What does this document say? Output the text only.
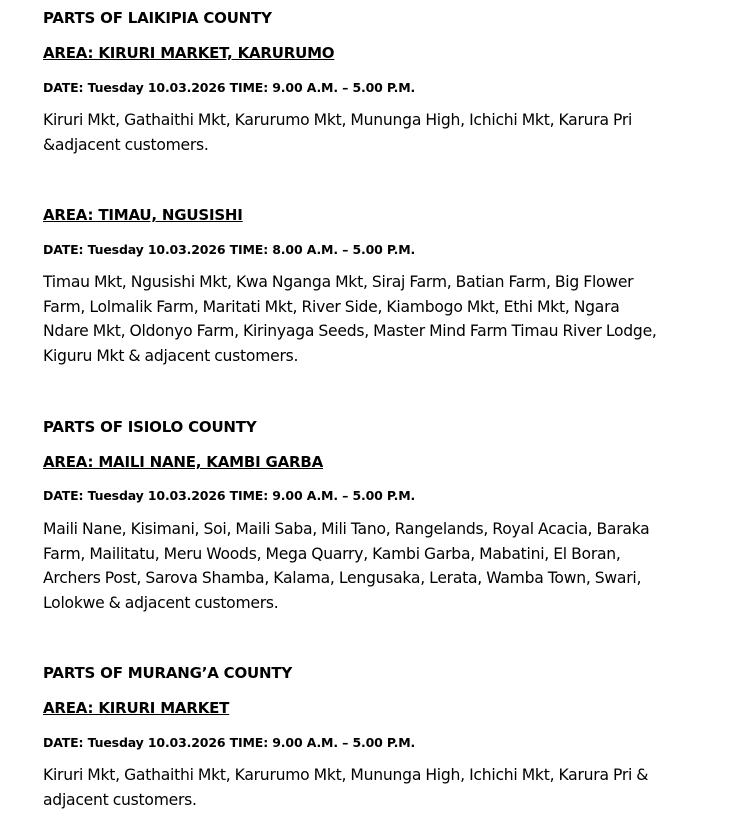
PARTS OF LAIKIPIA COUNTY

AREA: KIRURI MARKET, KARURUMO

DATE: Tuesday 10.03.2026 TIME: 9.00 A.M. – 5.00 P.M.

Kiruri Mkt, Gathaithi Mkt, Karurumo Mkt, Mununga High, Ichichi Mkt, Karura Pri

&adjacent customers.

AREA: TIMAU, NGUSISHI

DATE: Tuesday 10.03.2026 TIME: 8.00 A.M. – 5.00 P.M.

Timau Mkt, Ngusishi Mkt, Kwa Nganga Mkt, Siraj Farm, Batian Farm, Big Flower

Farm, Lolmalik Farm, Maritati Mkt, River Side, Kiambogo Mkt, Ethi Mkt, Ngara

Ndare Mkt, Oldonyo Farm, Kirinyaga Seeds, Master Mind Farm Timau River Lodge,

Kiguru Mkt & adjacent customers.

PARTS OF ISIOLO COUNTY

AREA: MAILI NANE, KAMBI GARBA

DATE: Tuesday 10.03.2026 TIME: 9.00 A.M. – 5.00 P.M.

Maili Nane, Kisimani, Soi, Maili Saba, Mili Tano, Rangelands, Royal Acacia, Baraka

Farm, Mailitatu, Meru Woods, Mega Quarry, Kambi Garba, Mabatini, El Boran,

Archers Post, Sarova Shamba, Kalama, Lengusaka, Lerata, Wamba Town, Swari,

Lolokwe & adjacent customers.

PARTS OF MURANG’A COUNTY

AREA: KIRURI MARKET

DATE: Tuesday 10.03.2026 TIME: 9.00 A.M. – 5.00 P.M.

Kiruri Mkt, Gathaithi Mkt, Karurumo Mkt, Mununga High, Ichichi Mkt, Karura Pri &

adjacent customers.
